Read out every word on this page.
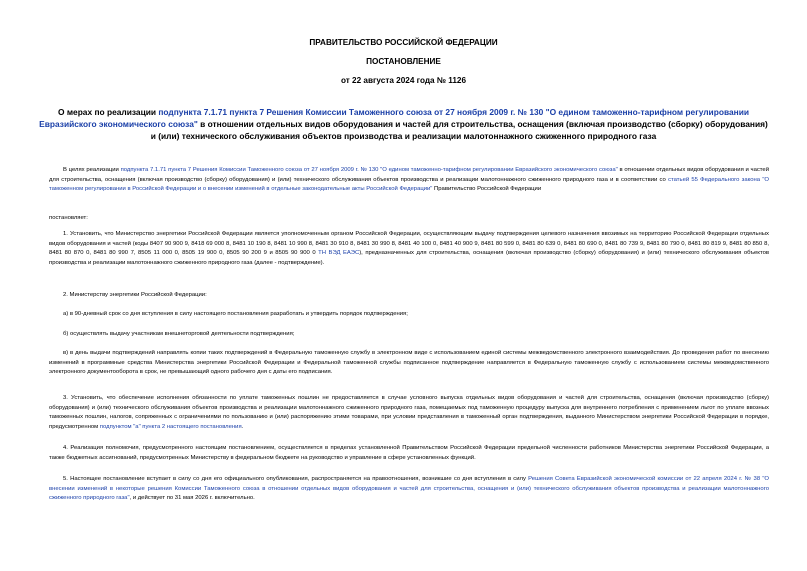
ПРАВИТЕЛЬСТВО РОССИЙСКОЙ ФЕДЕРАЦИИ
ПОСТАНОВЛЕНИЕ
от 22 августа 2024 года № 1126
О мерах по реализации подпункта 7.1.71 пункта 7 Решения Комиссии Таможенного союза от 27 ноября 2009 г. № 130 "О едином таможенно-тарифном регулировании Евразийского экономического союза" в отношении отдельных видов оборудования и частей для строительства, оснащения (включая производство (сборку) оборудования) и (или) технического обслуживания объектов производства и реализации малотоннажного сжиженного природного газа
В целях реализации подпункта 7.1.71 пункта 7 Решения Комиссии Таможенного союза от 27 ноября 2009 г. № 130 "О едином таможенно-тарифном регулировании Евразийского экономического союза" в отношении отдельных видов оборудования и частей для строительства, оснащения (включая производство (сборку) оборудования) и (или) технического обслуживания объектов производства и реализации малотоннажного сжиженного природного газа и в соответствии со статьей 55 Федерального закона "О таможенном регулировании в Российской Федерации и о внесении изменений в отдельные законодательные акты Российской Федерации" Правительство Российской Федерации
постановляет:
1. Установить, что Министерство энергетики Российской Федерации является уполномоченным органом Российской Федерации, осуществляющим выдачу подтверждения целевого назначения ввозимых на территорию Российской Федерации отдельных видов оборудования и частей (коды 8407 90 900 9, 8418 69 000 8, 8481 10 190 8, 8481 10 990 8, 8481 30 910 8, 8481 30 990 8, 8481 40 100 0, 8481 40 900 9, 8481 80 599 0, 8481 80 639 0, 8481 80 690 0, 8481 80 739 9, 8481 80 790 0, 8481 80 819 9, 8481 80 850 8, 8481 80 870 0, 8481 80 990 7, 8505 11 000 0, 8505 19 900 0, 8505 90 200 9 и 8505 90 900 0 ТН ВЭД ЕАЭС), предназначенных для строительства, оснащения (включая производство (сборку) оборудования) и (или) технического обслуживания объектов производства и реализации малотоннажного сжиженного природного газа (далее - подтверждение).
2. Министерству энергетики Российской Федерации:
а) в 90-дневный срок со дня вступления в силу настоящего постановления разработать и утвердить порядок подтверждения;
б) осуществлять выдачу участникам внешнеторговой деятельности подтверждения;
в) в день выдачи подтверждений направлять копии таких подтверждений в Федеральную таможенную службу в электронном виде с использованием единой системы межведомственного электронного взаимодействия. До проведения работ по внесению изменений в программные средства Министерства энергетики Российской Федерации и Федеральной таможенной службы подписанное подтверждение направляется в Федеральную таможенную службу с использованием системы межведомственного электронного документооборота в срок, не превышающий одного рабочего дня с даты его подписания.
3. Установить, что обеспечение исполнения обязанности по уплате таможенных пошлин не предоставляется в случае условного выпуска отдельных видов оборудования и частей для строительства, оснащения (включая производство (сборку) оборудования) и (или) технического обслуживания объектов производства и реализации малотоннажного сжиженного природного газа, помещаемых под таможенную процедуру выпуска для внутреннего потребления с применением льгот по уплате ввозных таможенных пошлин, налогов, сопряженных с ограничениями по пользованию и (или) распоряжению этими товарами, при условии представления в таможенный орган подтверждения, выданного Министерством энергетики Российской Федерации в порядке, предусмотренном подпунктом "а" пункта 2 настоящего постановления.
4. Реализация полномочия, предусмотренного настоящим постановлением, осуществляется в пределах установленной Правительством Российской Федерации предельной численности работников Министерства энергетики Российской Федерации, а также бюджетных ассигнований, предусмотренных Министерству в федеральном бюджете на руководство и управление в сфере установленных функций.
5. Настоящее постановление вступает в силу со дня его официального опубликования, распространяется на правоотношения, возникшие со дня вступления в силу Решения Совета Евразийской экономической комиссии от 22 апреля 2024 г. № 38 "О внесении изменений в некоторые решения Комиссии Таможенного союза в отношении отдельных видов оборудования и частей для строительства, оснащения и (или) технического обслуживания объектов производства и реализации малотоннажного сжиженного природного газа", и действует по 31 мая 2026 г. включительно.
